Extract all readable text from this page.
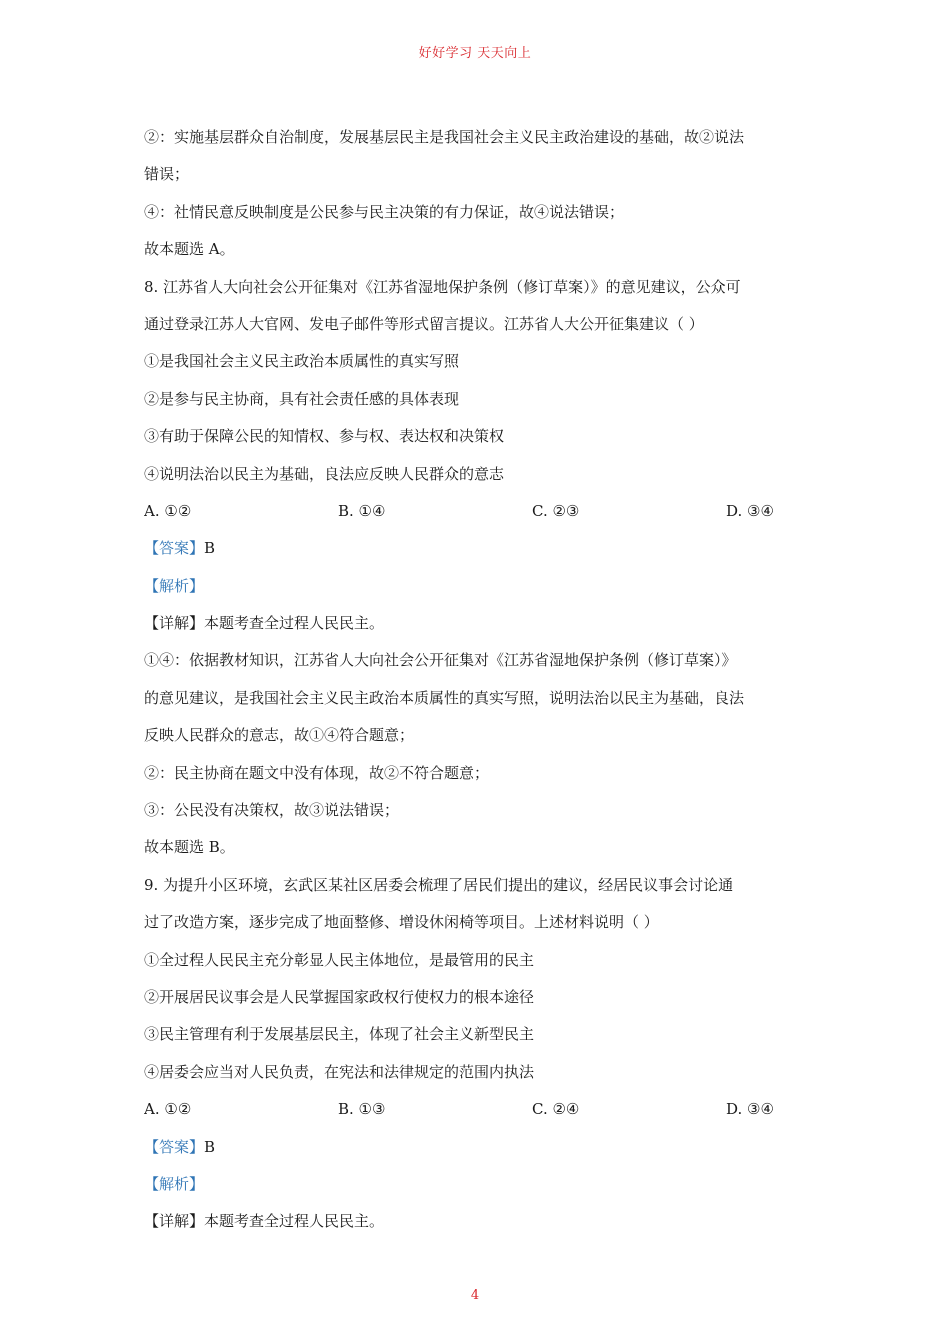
好好学习 天天向上
②：实施基层群众自治制度，发展基层民主是我国社会主义民主政治建设的基础，故②说法
错误；
④：社情民意反映制度是公民参与民主决策的有力保证，故④说法错误；
故本题选 A。
8. 江苏省人大向社会公开征集对《江苏省湿地保护条例（修订草案）》的意见建议，公众可
通过登录江苏人大官网、发电子邮件等形式留言提议。江苏省人大公开征集建议（ ）
①是我国社会主义民主政治本质属性的真实写照
②是参与民主协商，具有社会责任感的具体表现
③有助于保障公民的知情权、参与权、表达权和决策权
④说明法治以民主为基础，良法应反映人民群众的意志
A. ①②	B. ①④	C. ②③	D. ③④
【答案】B
【解析】
【详解】本题考查全过程人民民主。
①④：依据教材知识，江苏省人大向社会公开征集对《江苏省湿地保护条例（修订草案）》
的意见建议，是我国社会主义民主政治本质属性的真实写照，说明法治以民主为基础，良法
反映人民群众的意志，故①④符合题意；
②：民主协商在题文中没有体现，故②不符合题意；
③：公民没有决策权，故③说法错误；
故本题选 B。
9. 为提升小区环境，玄武区某社区居委会梳理了居民们提出的建议，经居民议事会讨论通
过了改造方案，逐步完成了地面整修、增设休闲椅等项目。上述材料说明（ ）
①全过程人民民主充分彰显人民主体地位，是最管用的民主
②开展居民议事会是人民掌握国家政权行使权力的根本途径
③民主管理有利于发展基层民主，体现了社会主义新型民主
④居委会应当对人民负责，在宪法和法律规定的范围内执法
A. ①②	B. ①③	C. ②④	D. ③④
【答案】B
【解析】
【详解】本题考查全过程人民民主。
4
